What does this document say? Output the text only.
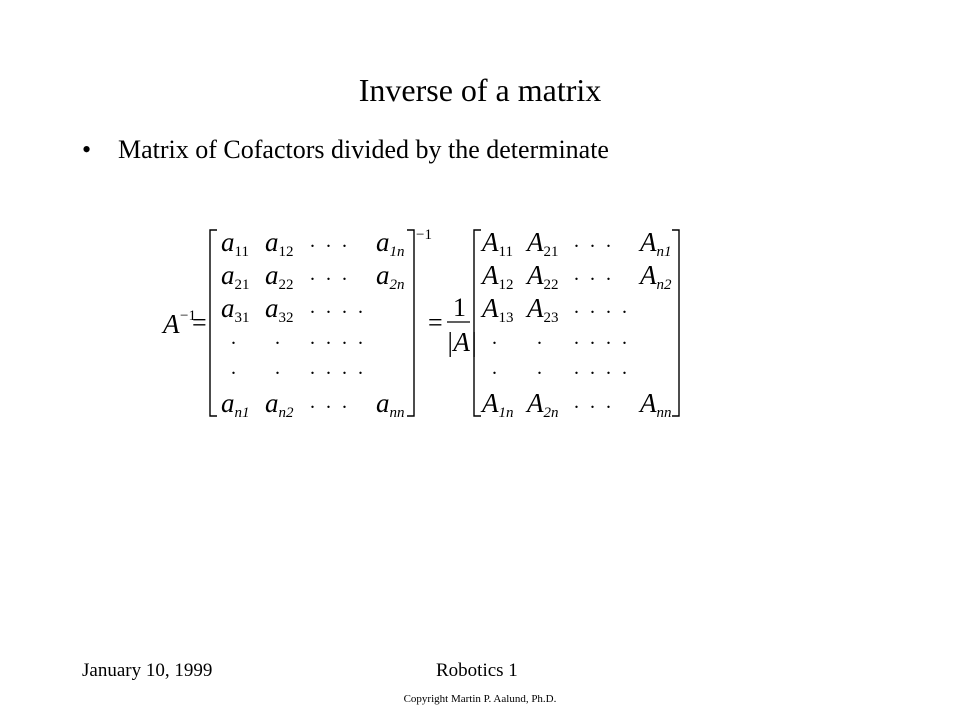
Inverse of a matrix
• Matrix of Cofactors divided by the determinate
A −1
=
−1
a11 a12 ... a1n
a21 a22 ... a2n
a31 a32 ....
. . ....
. . ....
an1 an2 ... ann
=
1
|A|
A11 A21 ... An1
A12 A22 ... An2
A13 A23 ....
. . ....
. . ....
A1n A2n ... Ann
January 10, 1999	Robotics 1
Copyright Martin P. Aalund, Ph.D.
